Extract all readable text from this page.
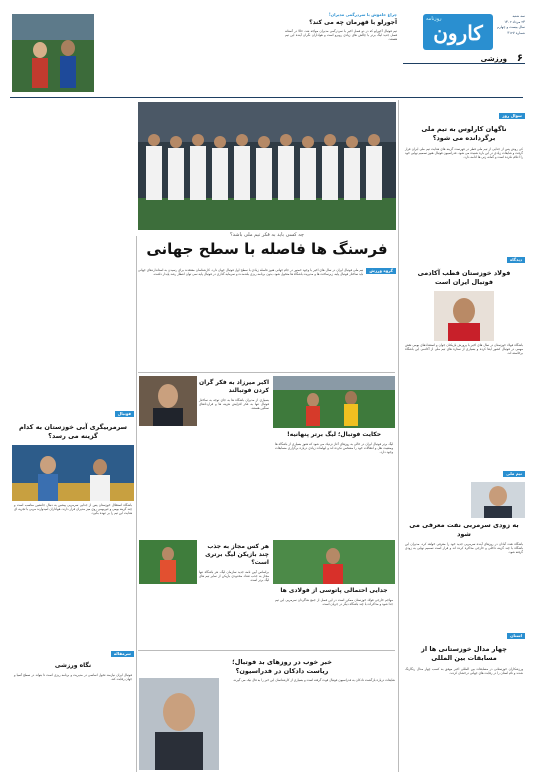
روزنامه
کارون
سه شنبه
۲۴ مرداد ۱۴۰۲
سال بیست و چهارم
شماره ۳۱۲۷
۶
ورزشی
چراغ خاموش با سردرگمی مدیران!
آجورلو با قهرمان چه می کند؟
تیم فوتبال آجورلو که در دو فصل اخیر با سردرگمی مدیران مواجه شد، حالا در آستانه فصل جدید لیگ برتر با چالش های زیادی روبرو است و هواداران نگران آینده این تیم هستند.
سوال روز
ناگهان کارلوس به تیم ملی برگردانده می شود؟
کی روش پس از جدایی از تیم ملی قطر در فهرست گزینه های هدایت تیم ملی ایران قرار گرفت و شایعات زیادی در این باره شنیده می شود. فدراسیون فوتبال هنوز تصمیم نهایی خود را اعلام نکرده است و گمانه زنی ها ادامه دارد.
دیدگاه
فولاد خوزستان قطب آکادمی فوتبال ایران است
باشگاه فولاد خوزستان در سال های اخیر با پرورش بازیکنان جوان و استعدادهای بومی نقش مهمی در فوتبال کشور ایفا کرده و بسیاری از ستاره های تیم ملی از آکادمی این باشگاه برخاسته اند.
تیم ملی
به زودی سرمربی نفت معرفی می شود
باشگاه نفت آبادان در روزهای آینده سرمربی جدید خود را معرفی خواهد کرد. مدیران این باشگاه با چند گزینه داخلی و خارجی مذاکره کرده اند و قرار است تصمیم نهایی به زودی گرفته شود.
استان
چهار مدال خوزستانی ها از مسابقات بین المللی
ورزشکاران خوزستانی در مسابقات بین المللی اخیر موفق به کسب چهار مدال رنگارنگ شدند و نام استان را در رقابت های جهانی درخشان کردند.
چه کسی باید به فکر تیم ملی باشد؟
فرسنگ ها فاصله با سطح جهانی
گروه ورزش
تیم ملی فوتبال ایران در سال های اخیر با وجود حضور در جام جهانی هنوز فاصله زیادی با سطح اول فوتبال جهان دارد. کارشناسان معتقدند برای رسیدن به استانداردهای جهانی باید ساختار فوتبال پایه، زیرساخت ها و مدیریت باشگاه ها متحول شود. بدون برنامه ریزی بلندمدت و سرمایه گذاری در فوتبال پایه نمی توان انتظار رشد پایدار داشت.
حکایت فوتبال؛ لیگ برتر پنهانیه!
لیگ برتر فوتبال ایران در حالی به روزهای آغاز نزدیک می شود که هنوز بسیاری از باشگاه ها وضعیت نقل و انتقالات خود را مشخص نکرده اند و ابهامات زیادی درباره برگزاری مسابقات وجود دارد.
جدایی احتمالی پاتوسی از فولادی ها
مهاجم خارجی فولاد خوزستان ممکن است در این فصل از جمع شاگردان سرمربی این تیم جدا شود و مذاکرات با چند باشگاه دیگر در جریان است.
اکبر میرزاد به فکر گران کردن فوتبالند
بسیاری از مدیران باشگاه ها به جای توجه به ساختار فوتبال تنها به فکر افزایش هزینه ها و قراردادهای سنگین هستند.
هر کس مجاز به جذب چند بازیکن لیگ برتری است؟
براساس آیین نامه جدید سازمان لیگ، هر باشگاه تنها مجاز به جذب تعداد محدودی بازیکن از سایر تیم های لیگ برتر است.
خبر خوب در روزهای بد فوتبال؛ ریاست دادکان در فدراسیون؟
شایعات درباره بازگشت دادکان به فدراسیون فوتبال قوت گرفته است و بسیاری از کارشناسان این خبر را به فال نیک می گیرند.
فوتبال
سرمربیگری آبی خوزستان به کدام گزینه می رسد؟
باشگاه استقلال خوزستان پس از جدایی سرمربی پیشین به دنبال جانشین مناسب است و چند گزینه بومی و غیربومی روی میز مدیران قرار دارند. هواداران امیدوارند مربی با تجربه ای هدایت این تیم را بر عهده بگیرد.
سرمقاله
نگاه ورزشی
فوتبال ایران نیازمند تحول اساسی در مدیریت و برنامه ریزی است تا بتواند در سطح آسیا و جهان رقابت کند.
